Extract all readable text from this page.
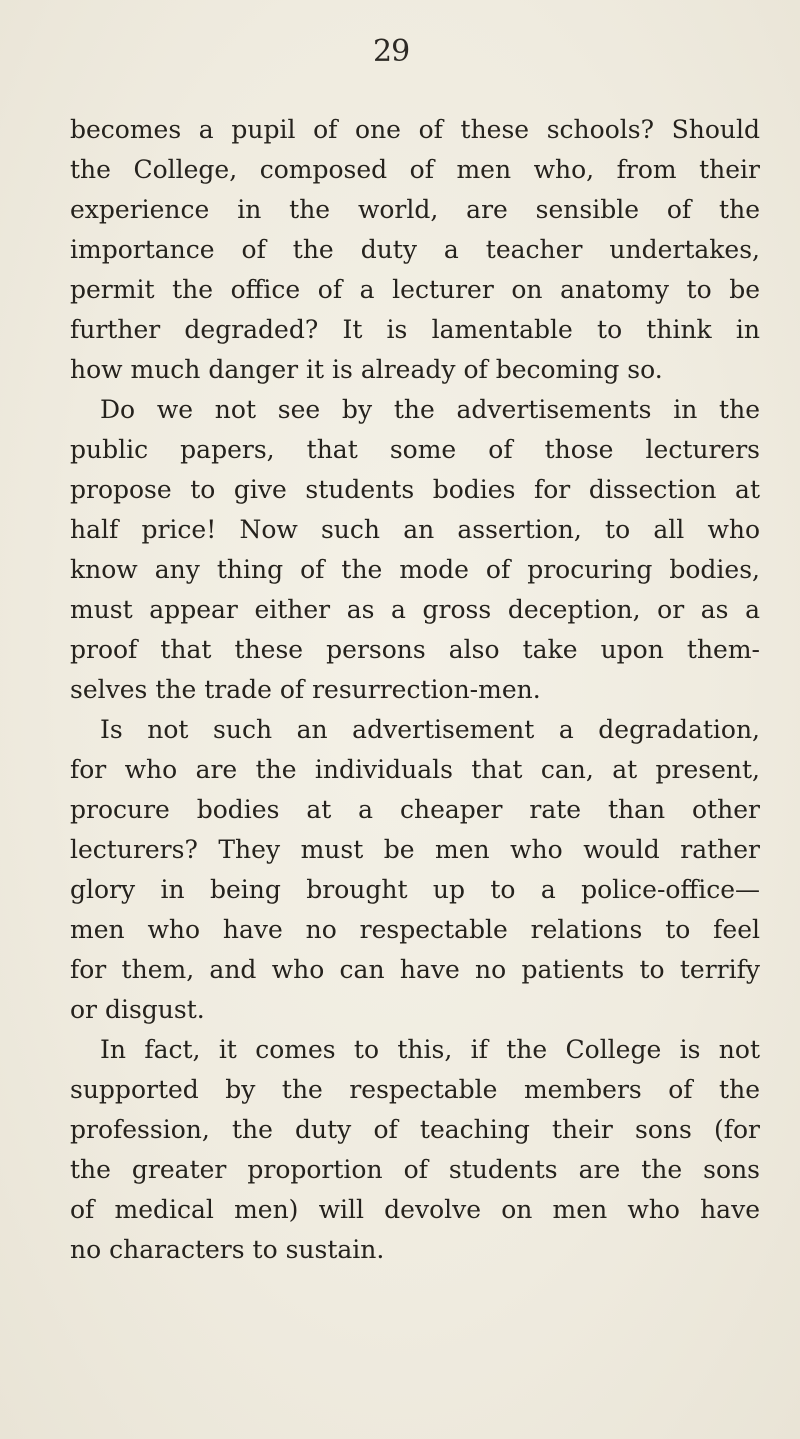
29
becomes a pupil of one of these schools? Should
the College, composed of men who, from their
experience in the world, are sensible of the
importance of the duty a teacher undertakes,
permit the office of a lecturer on anatomy to be
further degraded? It is lamentable to think in
how much danger it is already of becoming so.
Do we not see by the advertisements in the
public papers, that some of those lecturers
propose to give students bodies for dissection at
half price! Now such an assertion, to all who
know any thing of the mode of procuring bodies,
must appear either as a gross deception, or as a
proof that these persons also take upon them-
selves the trade of resurrection-men.
Is not such an advertisement a degradation,
for who are the individuals that can, at present,
procure bodies at a cheaper rate than other
lecturers? They must be men who would rather
glory in being brought up to a police-office—
men who have no respectable relations to feel
for them, and who can have no patients to terrify
or disgust.
In fact, it comes to this, if the College is not
supported by the respectable members of the
profession, the duty of teaching their sons (for
the greater proportion of students are the sons
of medical men) will devolve on men who have
no characters to sustain.
